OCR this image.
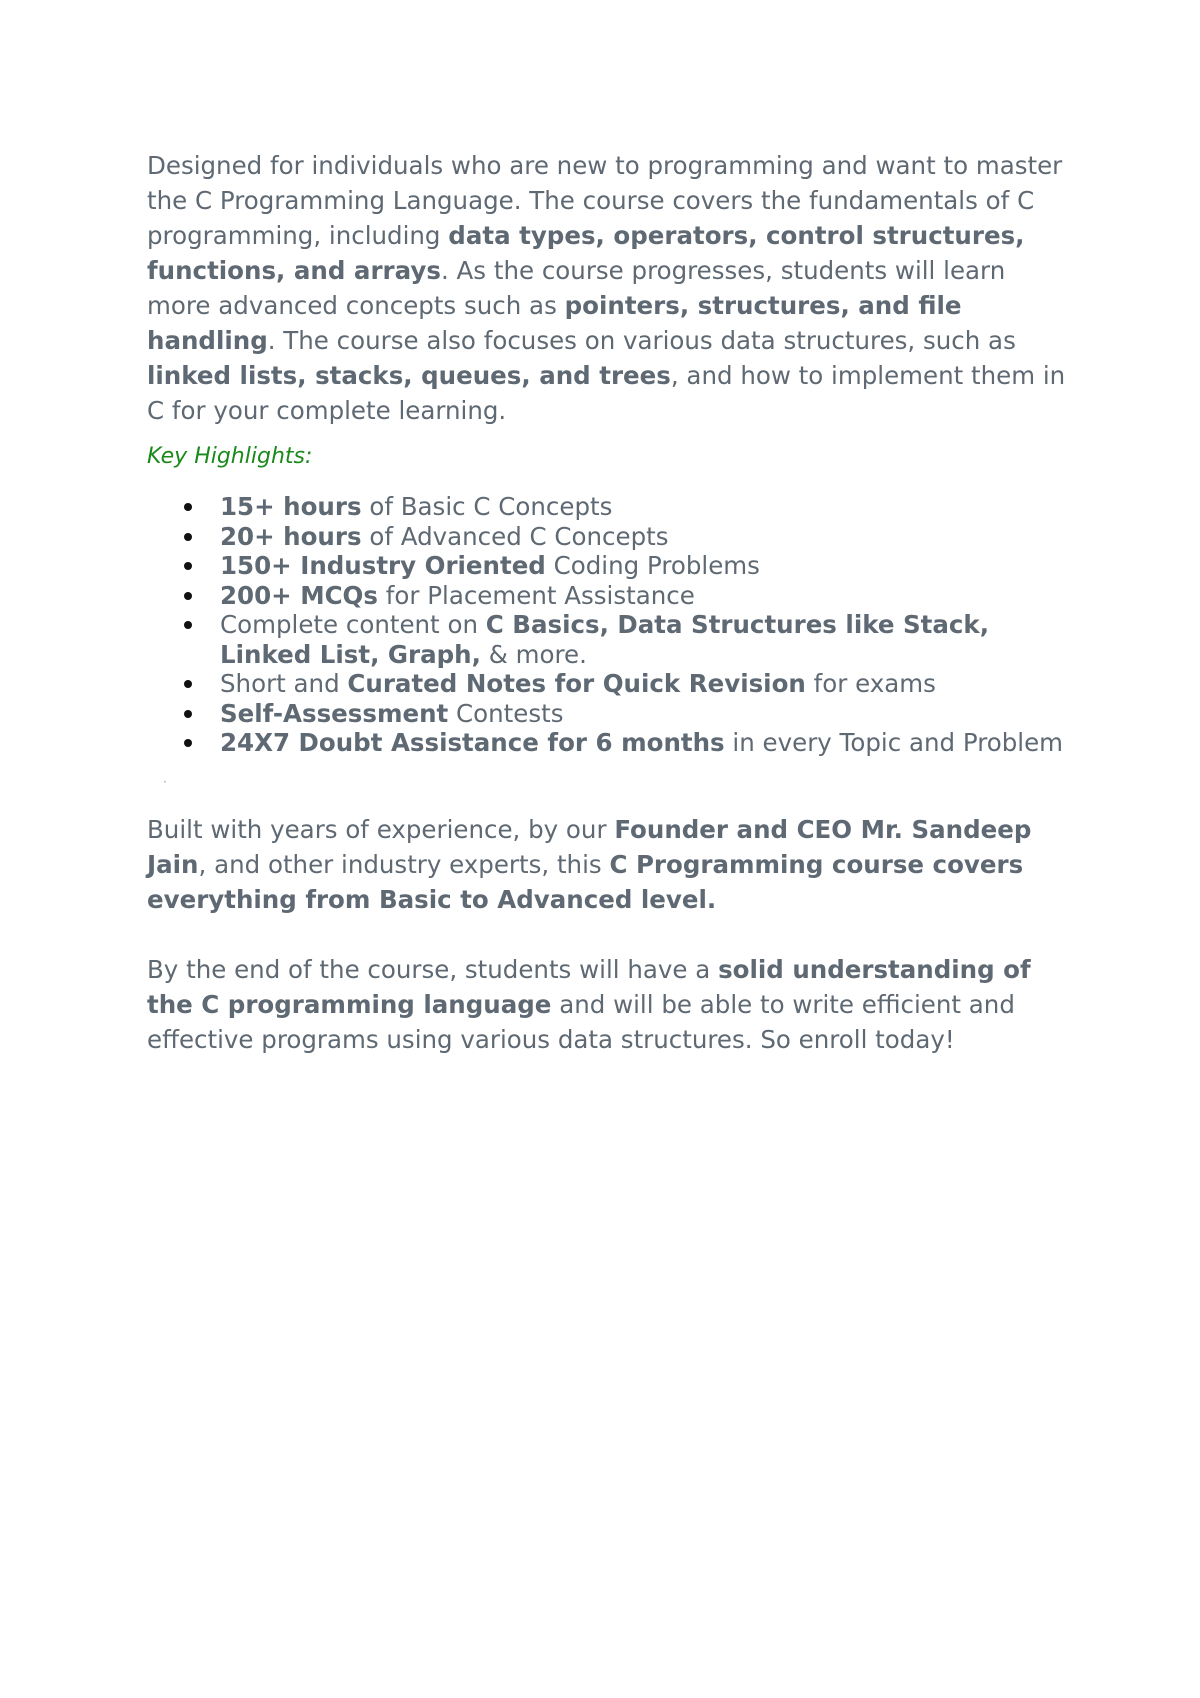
Designed for individuals who are new to programming and want to master the C Programming Language. The course covers the fundamentals of C programming, including data types, operators, control structures, functions, and arrays. As the course progresses, students will learn more advanced concepts such as pointers, structures, and file handling. The course also focuses on various data structures, such as linked lists, stacks, queues, and trees, and how to implement them in C for your complete learning.

Key Highlights:
15+ hours of Basic C Concepts
20+ hours of Advanced C Concepts
150+ Industry Oriented Coding Problems
200+ MCQs for Placement Assistance
Complete content on C Basics, Data Structures like Stack, Linked List, Graph, & more.
Short and Curated Notes for Quick Revision for exams
Self-Assessment Contests
24X7 Doubt Assistance for 6 months in every Topic and Problem
·

Built with years of experience, by our Founder and CEO Mr. Sandeep Jain, and other industry experts, this C Programming course covers everything from Basic to Advanced level.

By the end of the course, students will have a solid understanding of the C programming language and will be able to write efficient and effective programs using various data structures. So enroll today!
